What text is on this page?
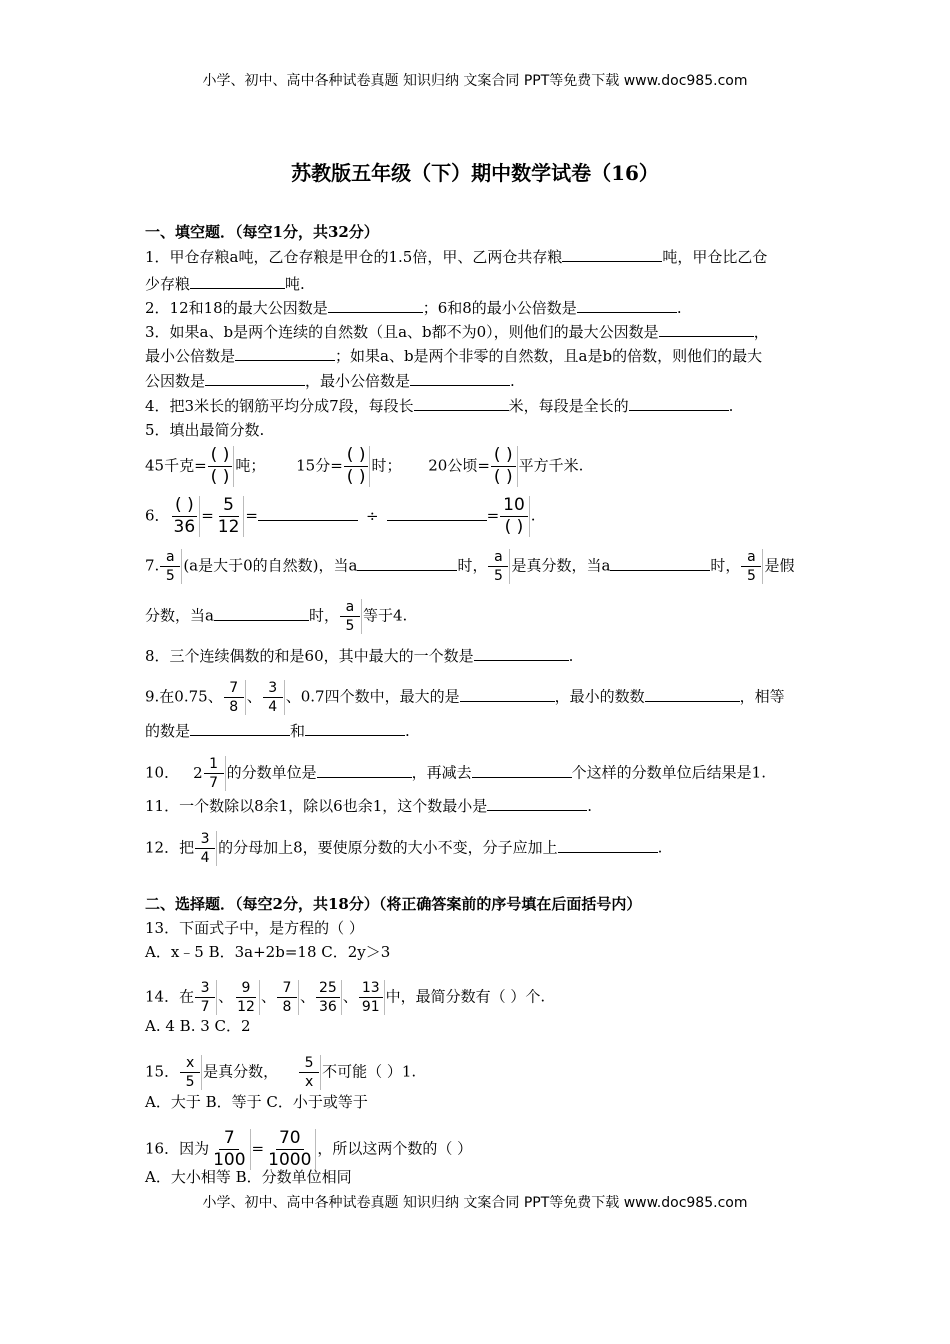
小学、初中、高中各种试卷真题 知识归纳 文案合同 PPT等免费下载 www.doc985.com
苏教版五年级（下）期中数学试卷（16）
一、填空题．（每空1分，共32分）
1．甲仓存粮a吨，乙仓存粮是甲仓的1.5倍，甲、乙两仓共存粮	吨，甲仓比乙仓
少存粮	吨.
2．12和18的最大公因数是	；6和8的最小公倍数是	.
3．如果a、b是两个连续的自然数（且a、b都不为0），则他们的最大公因数是	，
最小公倍数是	；如果a、b是两个非零的自然数，且a是b的倍数，则他们的最大
公因数是	，最小公倍数是	.
4．把3米长的钢筋平均分成7段，每段长	米，每段是全长的	.
5．填出最简分数.
45千克=
( )
( )
吨； 15分=
( )
( )
时； 20公顷=
( )
( )
平方千米.
6．
( )
36
= $\frac{5}{12}$ =	÷	=
10
( )
.
7. $\frac{a}{5} (a$是大于0的自然数)，当a	时， $\frac{a}{5}$ 是真分数，当a	时， $\frac{a}{5}$ 是假
分数，当a	时， $\frac{a}{5}$ 等于4.
8．三个连续偶数的和是60，其中最大的一个数是	.
9.在0.75、 $\frac{7}{8}$ 、 $\frac{3}{4}$ 、0.7四个数中，最大的是	，最小的数数	，相等
的数是	和	.
10． $2 \frac{1}{7}$ 的分数单位是	，再减去	个这样的分数单位后结果是1.
11．一个数除以8余1，除以6也余1，这个数最小是	.
12．把 $\frac{3}{4}$ 的分母加上8，要使原分数的大小不变，分子应加上	.
二、选择题．（每空2分，共18分）（将正确答案前的序号填在后面括号内）
13．下面式子中，是方程的（ ）
A．x﹣5 B．3a+2b=18 C．2y＞3
14．在 $\frac{3}{7}$ 、 $\frac{9}{12}$ 、 $\frac{7}{8}$ 、 $\frac{25}{36}$ 、 $\frac{13}{91}$ 中，最简分数有（ ）个.
A. 4 B. 3 C．2
15． $\frac{x}{5}$ 是真分数， $\frac{5}{x}$ 不可能（ ）1.
A．大于 B．等于 C．小于或等于
16．因为 $\frac{7}{100} = \frac{70}{1000}$ ，所以这两个数的（ ）
A．大小相等 B．分数单位相同
小学、初中、高中各种试卷真题 知识归纳 文案合同 PPT等免费下载 www.doc985.com
